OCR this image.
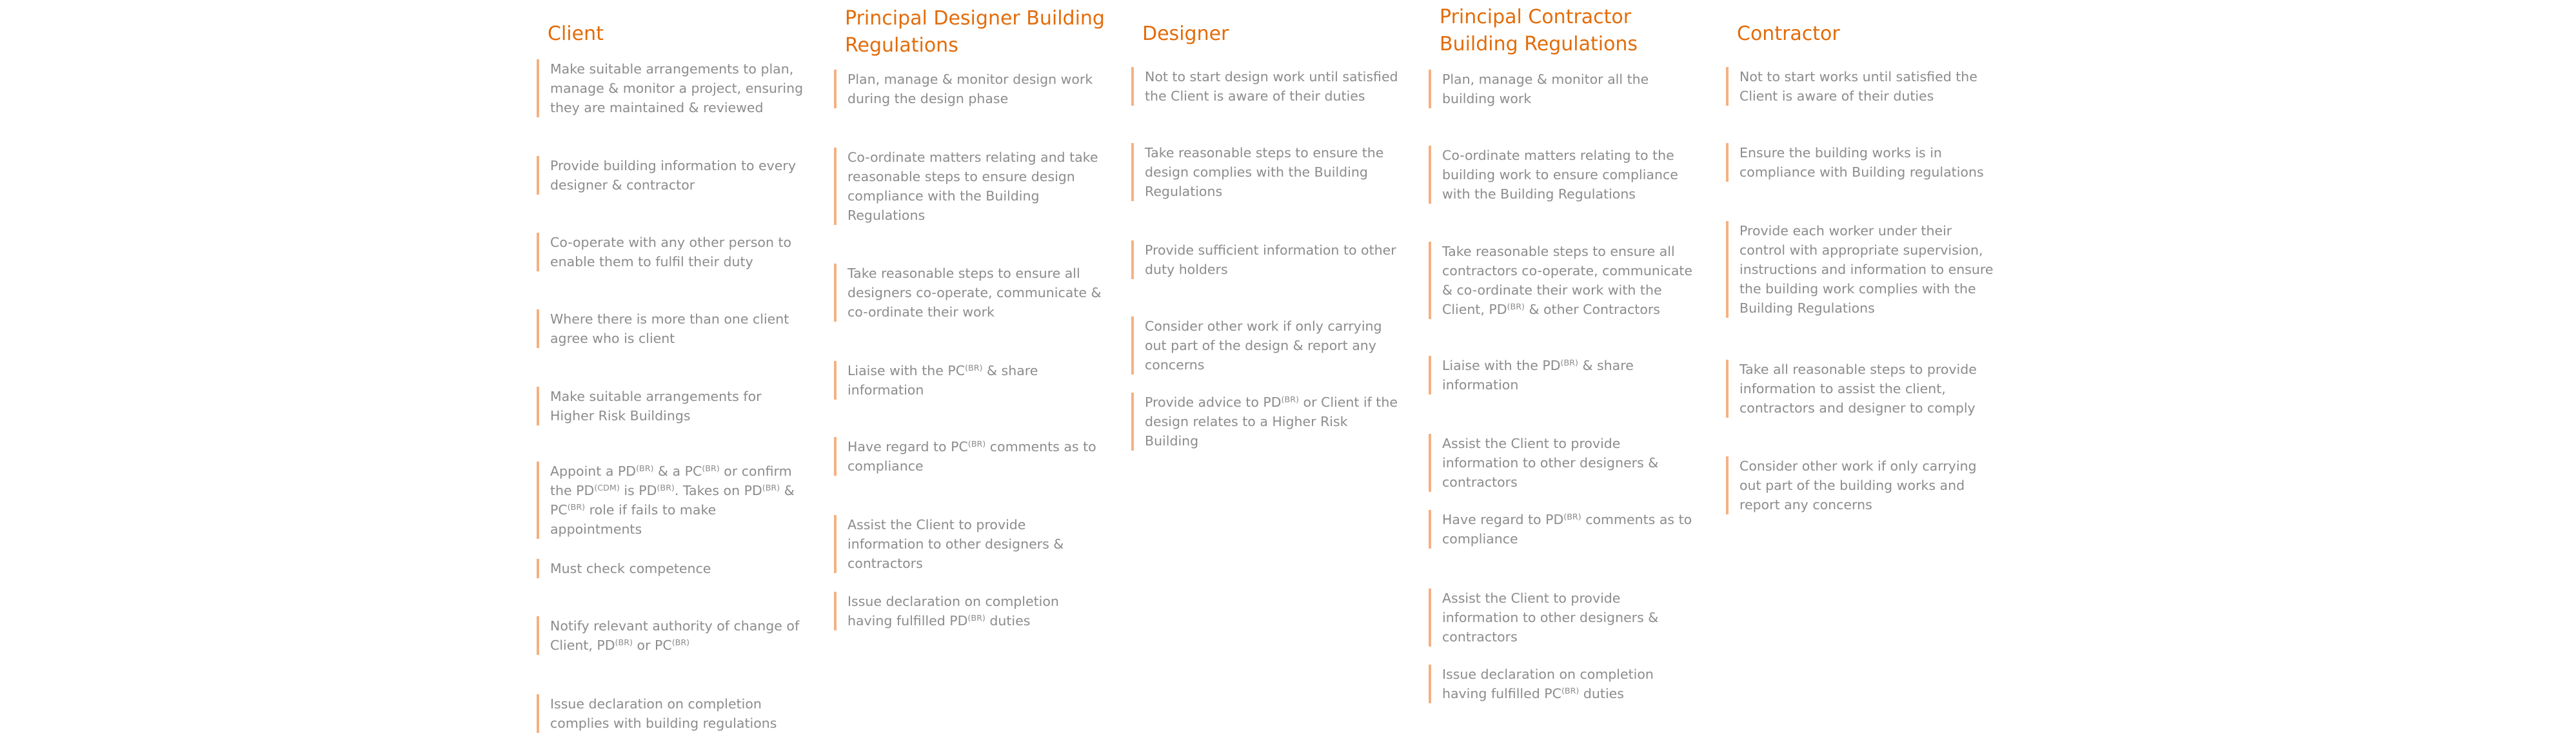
Client
Make suitable arrangements to plan, manage & monitor a project, ensuring they are maintained & reviewed
Provide building information to every designer & contractor
Co-operate with any other person to enable them to fulfil their duty
Where there is more than one client agree who is client
Make suitable arrangements for Higher Risk Buildings
Appoint a $PD^{(BR)}$ & a $PC^{(BR)}$ or confirm the $PD^{(CDM)}$ is $PD^{(BR)}$. Takes on $PD^{(BR)}$ & $PC^{(BR)}$ role if fails to make appointments
Must check competence
Notify relevant authority of change of Client, $PD^{(BR)}$ or $PC^{(BR)}$
Issue declaration on completion complies with building regulations
Principal Designer Building Regulations
Plan, manage & monitor design work during the design phase
Co-ordinate matters relating and take reasonable steps to ensure design compliance with the Building Regulations
Take reasonable steps to ensure all designers co-operate, communicate & co-ordinate their work
Liaise with the $PC^{(BR)}$ & share information
Have regard to $PC^{(BR)}$ comments as to compliance
Assist the Client to provide information to other designers & contractors
Issue declaration on completion having fulfilled $PD^{(BR)}$ duties
Designer
Not to start design work until satisfied the Client is aware of their duties
Take reasonable steps to ensure the design complies with the Building Regulations
Provide sufficient information to other duty holders
Consider other work if only carrying out part of the design & report any concerns
Provide advice to $PD^{(BR)}$ or Client if the design relates to a Higher Risk Building
Principal Contractor Building Regulations
Plan, manage & monitor all the building work
Co-ordinate matters relating to the building work to ensure compliance with the Building Regulations
Take reasonable steps to ensure all contractors co-operate, communicate & co-ordinate their work with the Client, $PD^{(BR)}$ & other Contractors
Liaise with the $PD^{(BR)}$ & share information
Assist the Client to provide information to other designers & contractors
Have regard to $PD^{(BR)}$ comments as to compliance
Assist the Client to provide information to other designers & contractors
Issue declaration on completion having fulfilled $PC^{(BR)}$ duties
Contractor
Not to start works until satisfied the Client is aware of their duties
Ensure the building works is in compliance with Building regulations
Provide each worker under their control with appropriate supervision, instructions and information to ensure the building work complies with the Building Regulations
Take all reasonable steps to provide information to assist the client, contractors and designer to comply
Consider other work if only carrying out part of the building works and report any concerns
